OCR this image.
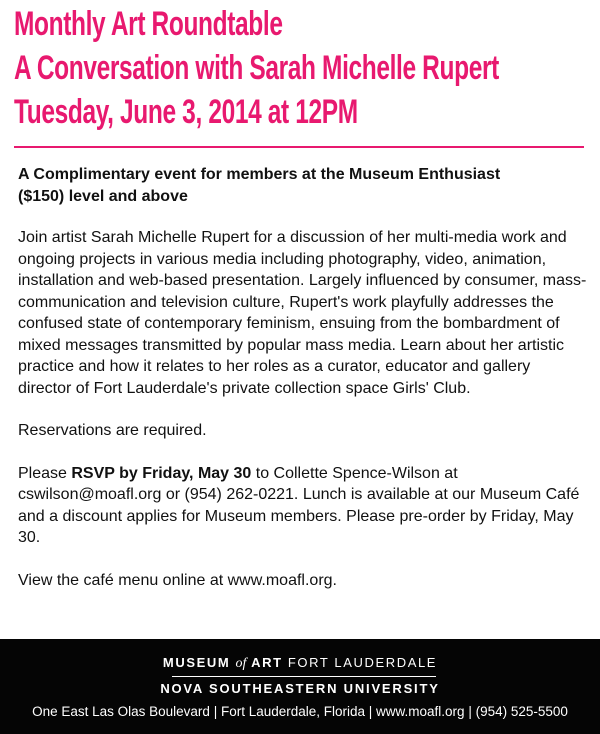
Monthly Art Roundtable
A Conversation with Sarah Michelle Rupert
Tuesday, June 3, 2014 at 12PM

A Complimentary event for members at the Museum Enthusiast
($150) level and above

Join artist Sarah Michelle Rupert for a discussion of her multi-media work and ongoing projects in various media including photography, video, animation, installation and web-based presentation. Largely influenced by consumer, mass-communication and television culture, Rupert's work playfully addresses the confused state of contemporary feminism, ensuing from the bombardment of mixed messages transmitted by popular mass media. Learn about her artistic practice and how it relates to her roles as a curator, educator and gallery director of Fort Lauderdale's private collection space Girls' Club.

Reservations are required.

Please RSVP by Friday, May 30 to Collette Spence-Wilson at cswilson@moafl.org or (954) 262-0221. Lunch is available at our Museum Café and a discount applies for Museum members. Please pre-order by Friday, May 30.

View the café menu online at www.moafl.org.

MUSEUM of ART FORT LAUDERDALE
NOVA SOUTHEASTERN UNIVERSITY
One East Las Olas Boulevard | Fort Lauderdale, Florida | www.moafl.org | (954) 525-5500
